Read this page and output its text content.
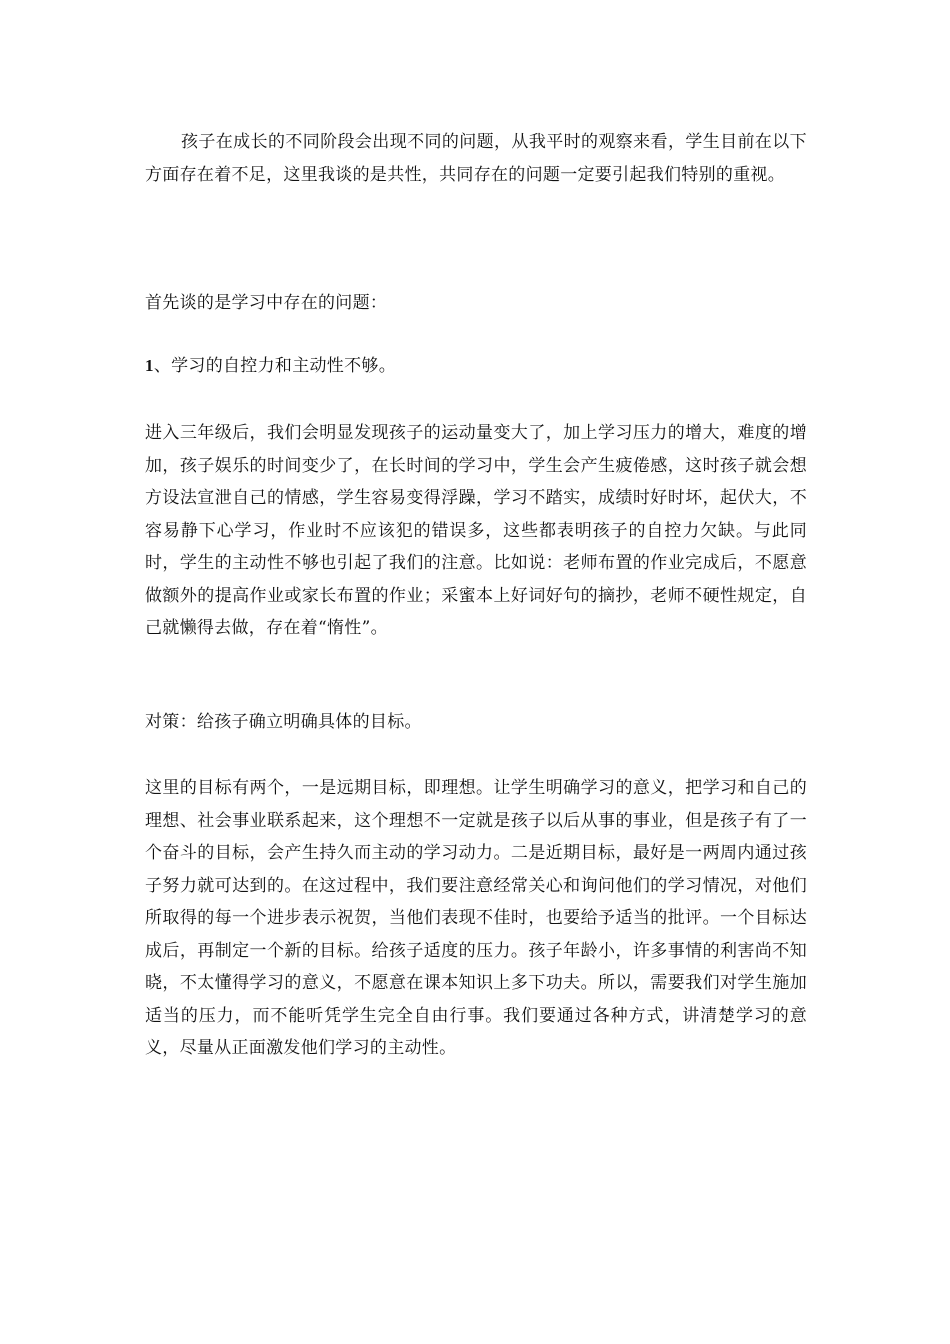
孩子在成长的不同阶段会出现不同的问题，从我平时的观察来看，学生目前在以下方面存在着不足，这里我谈的是共性，共同存在的问题一定要引起我们特别的重视。

首先谈的是学习中存在的问题：

1、学习的自控力和主动性不够。

进入三年级后，我们会明显发现孩子的运动量变大了，加上学习压力的增大，难度的增加，孩子娱乐的时间变少了，在长时间的学习中，学生会产生疲倦感，这时孩子就会想方设法宣泄自己的情感，学生容易变得浮躁，学习不踏实，成绩时好时坏，起伏大，不容易静下心学习，作业时不应该犯的错误多，这些都表明孩子的自控力欠缺。与此同时，学生的主动性不够也引起了我们的注意。比如说：老师布置的作业完成后，不愿意做额外的提高作业或家长布置的作业；采蜜本上好词好句的摘抄，老师不硬性规定，自己就懒得去做，存在着“惰性”。

对策：给孩子确立明确具体的目标。

这里的目标有两个，一是远期目标，即理想。让学生明确学习的意义，把学习和自己的理想、社会事业联系起来，这个理想不一定就是孩子以后从事的事业，但是孩子有了一个奋斗的目标，会产生持久而主动的学习动力。二是近期目标，最好是一两周内通过孩子努力就可达到的。在这过程中，我们要注意经常关心和询问他们的学习情况，对他们所取得的每一个进步表示祝贺，当他们表现不佳时，也要给予适当的批评。一个目标达成后，再制定一个新的目标。给孩子适度的压力。孩子年龄小，许多事情的利害尚不知晓，不太懂得学习的意义，不愿意在课本知识上多下功夫。所以，需要我们对学生施加适当的压力，而不能听凭学生完全自由行事。我们要通过各种方式，讲清楚学习的意义，尽量从正面激发他们学习的主动性。
